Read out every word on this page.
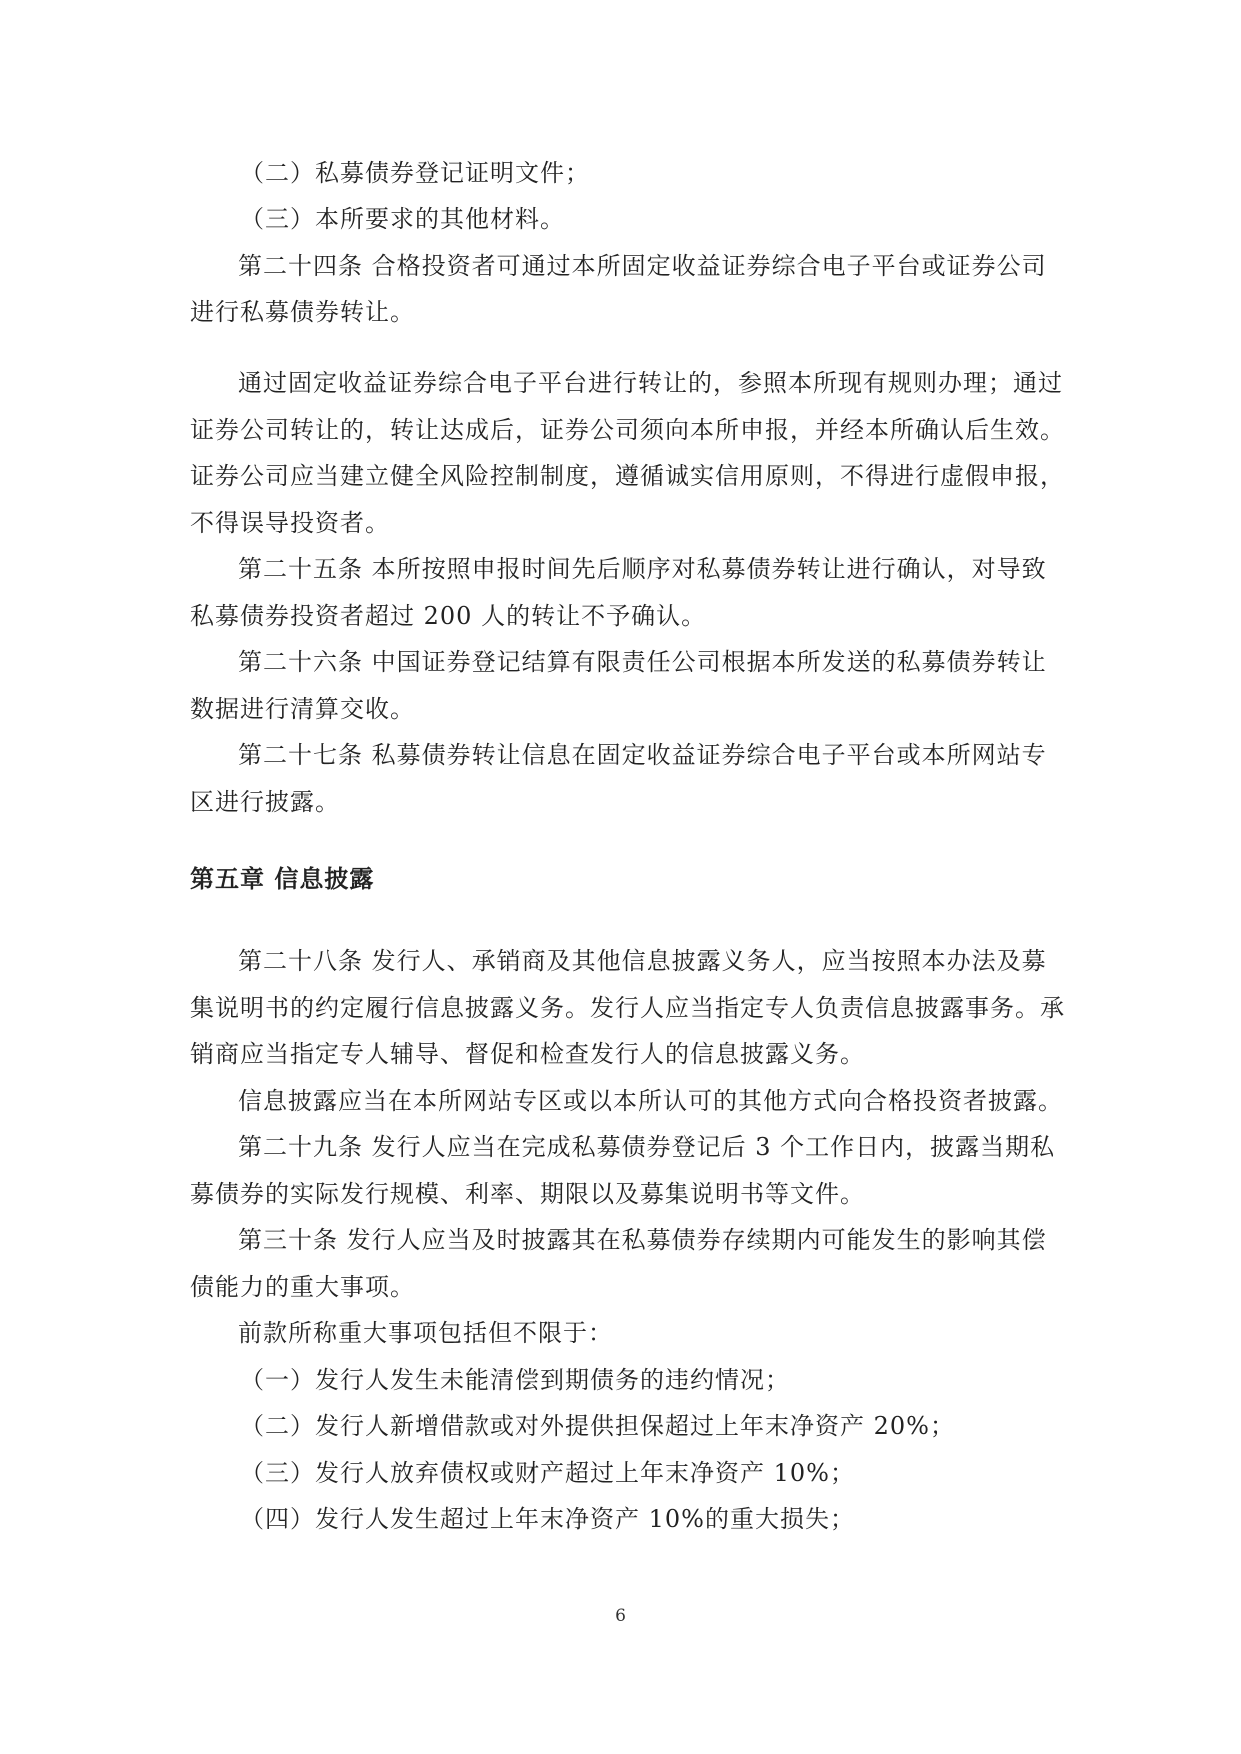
（二）私募债券登记证明文件；
（三）本所要求的其他材料。
第二十四条 合格投资者可通过本所固定收益证券综合电子平台或证券公司
进行私募债券转让。
通过固定收益证券综合电子平台进行转让的，参照本所现有规则办理；通过
证券公司转让的，转让达成后，证券公司须向本所申报，并经本所确认后生效。
证券公司应当建立健全风险控制制度，遵循诚实信用原则，不得进行虚假申报，
不得误导投资者。
第二十五条 本所按照申报时间先后顺序对私募债券转让进行确认，对导致
私募债券投资者超过 200 人的转让不予确认。
第二十六条 中国证券登记结算有限责任公司根据本所发送的私募债券转让
数据进行清算交收。
第二十七条 私募债券转让信息在固定收益证券综合电子平台或本所网站专
区进行披露。
第五章 信息披露
第二十八条 发行人、承销商及其他信息披露义务人，应当按照本办法及募
集说明书的约定履行信息披露义务。发行人应当指定专人负责信息披露事务。承
销商应当指定专人辅导、督促和检查发行人的信息披露义务。
信息披露应当在本所网站专区或以本所认可的其他方式向合格投资者披露。
第二十九条 发行人应当在完成私募债券登记后 3 个工作日内，披露当期私
募债券的实际发行规模、利率、期限以及募集说明书等文件。
第三十条 发行人应当及时披露其在私募债券存续期内可能发生的影响其偿
债能力的重大事项。
前款所称重大事项包括但不限于：
（一）发行人发生未能清偿到期债务的违约情况；
（二）发行人新增借款或对外提供担保超过上年末净资产 20%；
（三）发行人放弃债权或财产超过上年末净资产 10%；
（四）发行人发生超过上年末净资产 10%的重大损失；
6
